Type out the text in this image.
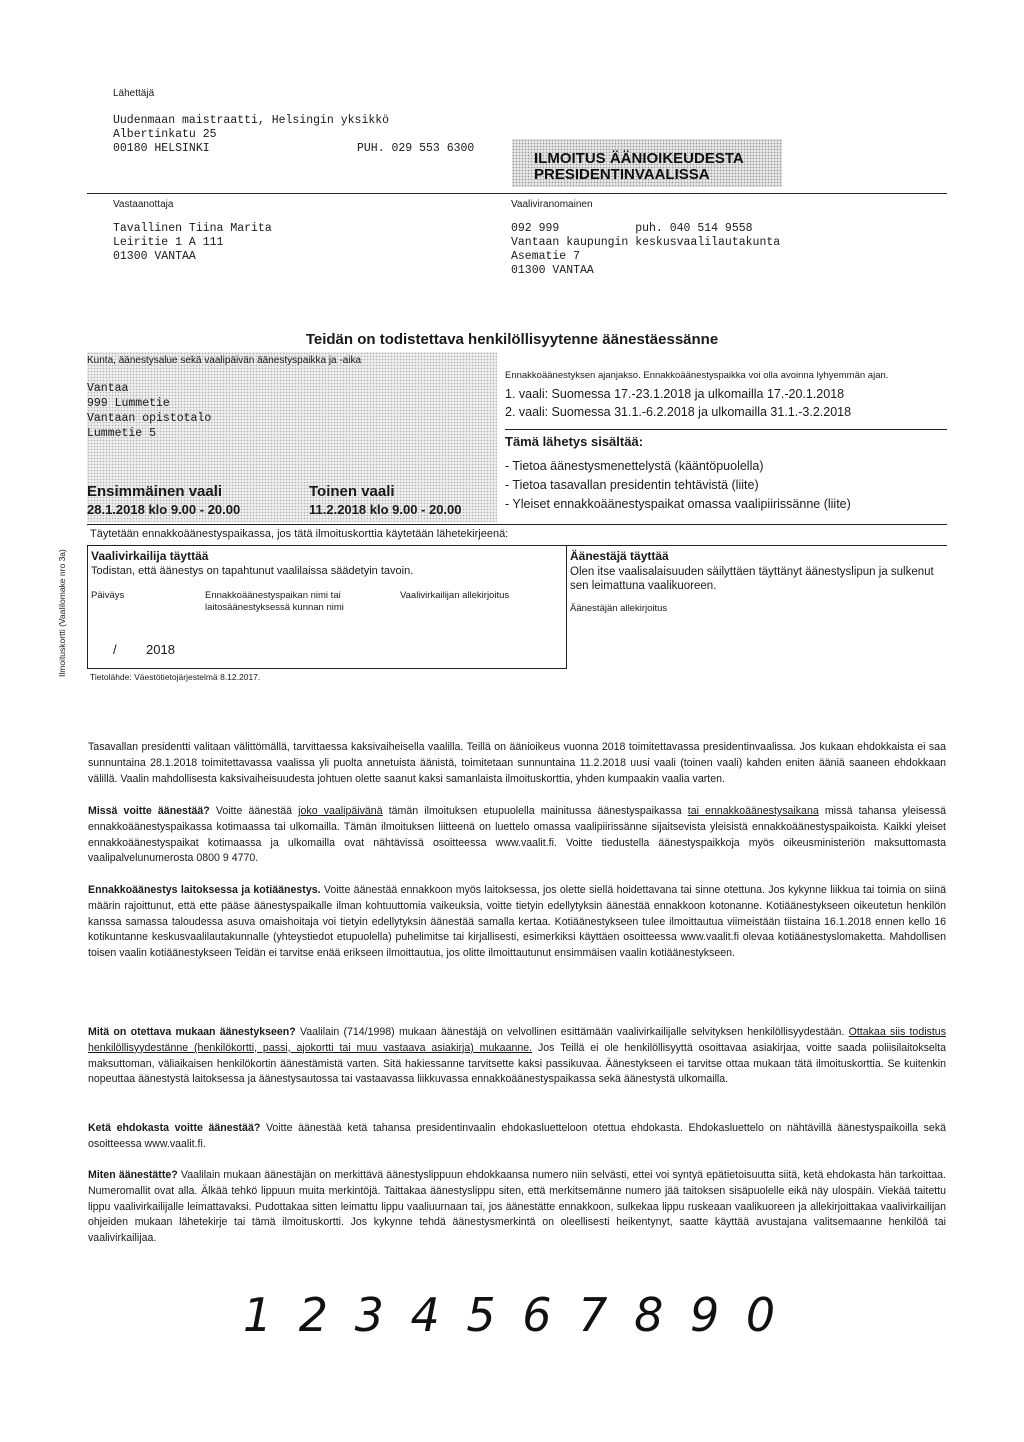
Lähettäjä
Uudenmaan maistraatti, Helsingin yksikkö
Albertinkatu 25
00180 HELSINKI	PUH. 029 553 6300
ILMOITUS ÄÄNIOIKEUDESTA
PRESIDENTINVAALISSA
Vastaanottaja
Tavallinen Tiina Marita
Leiritie 1 A 111
01300 VANTAA
Vaaliviranomainen
092 999           puh. 040 514 9558
Vantaan kaupungin keskusvaalilautakunta
Asematie 7
01300 VANTAA
Teidän on todistettava henkilöllisyytenne äänestäessänne
Kunta, äänestysalue sekä vaalipäivän äänestyspaikka ja -aika
Vantaa
999 Lummetie
Vantaan opistotalo
Lummetie 5
Ensimmäinen vaali
28.1.2018 klo 9.00 - 20.00
Toinen vaali
11.2.2018 klo 9.00 - 20.00
Ennakkoäänestyksen ajanjakso. Ennakkoäänestyspaikka voi olla avoinna lyhyemmän ajan.
1. vaali: Suomessa 17.-23.1.2018 ja ulkomailla 17.-20.1.2018
2. vaali: Suomessa 31.1.-6.2.2018 ja ulkomailla 31.1.-3.2.2018
Tämä lähetys sisältää:
- Tietoa äänestysmenettelystä (kääntöpuolella)
- Tietoa tasavallan presidentin tehtävistä (liite)
- Yleiset ennakkoäänestyspaikat omassa vaalipiirissänne (liite)
Ilmoituskortti (Vaalilomake nro 3a)
Täytetään ennakkoäänestyspaikassa, jos tätä ilmoituskorttia käytetään lähetekirjeenä:
Vaalivirkailija täyttää
Todistan, että äänestys on tapahtunut vaalilaissa säädetyin tavoin.
Päiväys	Ennakkoäänestyspaikan nimi tai laitosäänestyksessä kunnan nimi
Vaalivirkailijan allekirjoitus
/ 2018
Äänestäjä täyttää
Olen itse vaalisalaisuuden säilyttäen täyttänyt äänestyslipun ja sulkenut sen leimattuna vaalikuoreen.
Äänestäjän allekirjoitus
Tietolähde: Väestötietojärjestelmä 8.12.2017.
Tasavallan presidentti valitaan välittömällä, tarvittaessa kaksivaiheisella vaalilla. Teillä on äänioikeus vuonna 2018 toimitettavassa presidentinvaalissa. Jos kukaan ehdokkaista ei saa sunnuntaina 28.1.2018 toimitettavassa vaalissa yli puolta annetuista äänistä, toimitetaan sunnuntaina 11.2.2018 uusi vaali (toinen vaali) kahden eniten ääniä saaneen ehdokkaan välillä. Vaalin mahdollisesta kaksivaiheisuudesta johtuen olette saanut kaksi samanlaista ilmoituskorttia, yhden kumpaakin vaalia varten.
Missä voitte äänestää? Voitte äänestää joko vaalipäivänä tämän ilmoituksen etupuolella mainitussa äänestyspaikassa tai ennakkoäänestysaikana missä tahansa yleisessä ennakkoäänestyspaikassa kotimaassa tai ulkomailla. Tämän ilmoituksen liitteenä on luettelo omassa vaalipiirissänne sijaitsevista yleisistä ennakkoäänestyspaikoista. Kaikki yleiset ennakkoäänestyspaikat kotimaassa ja ulkomailla ovat nähtävissä osoitteessa www.vaalit.fi. Voitte tiedustella äänestyspaikkoja myös oikeusministeriön maksuttomasta vaalipalvelunumerosta 0800 9 4770.
Ennakkoäänestys laitoksessa ja kotiäänestys. Voitte äänestää ennakkoon myös laitoksessa, jos olette siellä hoidettavana tai sinne otettuna. Jos kykynne liikkua tai toimia on siinä määrin rajoittunut, että ette pääse äänestyspaikalle ilman kohtuuttomia vaikeuksia, voitte tietyin edellytyksin äänestää ennakkoon kotonanne. Kotiäänestykseen oikeutetun henkilön kanssa samassa taloudessa asuva omaishoitaja voi tietyin edellytyksin äänestää samalla kertaa. Kotiäänestykseen tulee ilmoittautua viimeistään tiistaina 16.1.2018 ennen kello 16 kotikuntanne keskusvaalilautakunnalle (yhteystiedot etupuolella) puhelimitse tai kirjallisesti, esimerkiksi käyttäen osoitteessa www.vaalit.fi olevaa kotiäänestyslomaketta. Mahdollisen toisen vaalin kotiäänestykseen Teidän ei tarvitse enää erikseen ilmoittautua, jos olitte ilmoittautunut ensimmäisen vaalin kotiäänestykseen.
Mitä on otettava mukaan äänestykseen? Vaalilain (714/1998) mukaan äänestäjä on velvollinen esittämään vaalivirkailijalle selvityksen henkilöllisyydestään. Ottakaa siis todistus henkilöllisyydestänne (henkilökortti, passi, ajokortti tai muu vastaava asiakirja) mukaanne. Jos Teillä ei ole henkilöllisyyttä osoittavaa asiakirjaa, voitte saada poliisilaitokselta maksuttoman, väliaikaisen henkilökortin äänestämistä varten. Sitä hakiessanne tarvitsette kaksi passikuvaa. Äänestykseen ei tarvitse ottaa mukaan tätä ilmoituskorttia. Se kuitenkin nopeuttaa äänestystä laitoksessa ja äänestysautossa tai vastaavassa liikkuvassa ennakkoäänestyspaikassa sekä äänestystä ulkomailla.
Ketä ehdokasta voitte äänestää? Voitte äänestää ketä tahansa presidentinvaalin ehdokasluetteloon otettua ehdokasta. Ehdokasluettelo on nähtävillä äänestyspaikoilla sekä osoitteessa www.vaalit.fi.
Miten äänestätte? Vaalilain mukaan äänestäjän on merkittävä äänestyslippuun ehdokkaansa numero niin selvästi, ettei voi syntyä epätietoisuutta siitä, ketä ehdokasta hän tarkoittaa. Numeromallit ovat alla. Älkää tehkö lippuun muita merkintöjä. Taittakaa äänestyslippu siten, että merkitsemänne numero jää taitoksen sisäpuolelle eikä näy ulospäin. Viekää taitettu lippu vaalivirkailijalle leimattavaksi. Pudottakaa sitten leimattu lippu vaaliuurnaan tai, jos äänestätte ennakkoon, sulkekaa lippu ruskeaan vaalikuoreen ja allekirjoittakaa vaalivirkailijan ohjeiden mukaan lähetekirje tai tämä ilmoituskortti. Jos kykynne tehdä äänestysmerkintä on oleellisesti heikentynyt, saatte käyttää avustajana valitsemaanne henkilöä tai vaalivirkailijaa.
1 2 3 4 5 6 7 8 9 0
